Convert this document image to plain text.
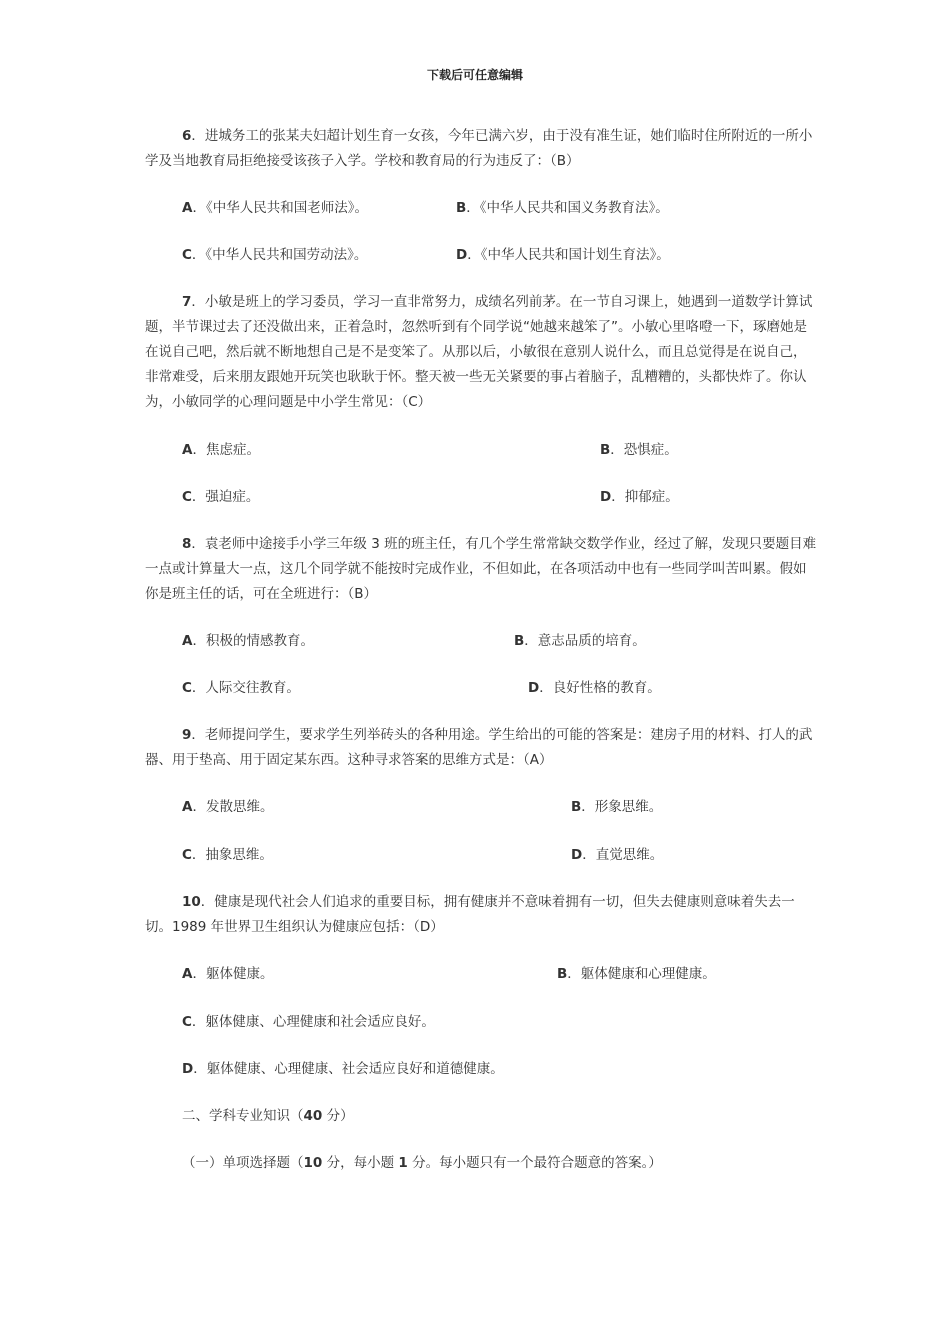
下载后可任意编辑
6．进城务工的张某夫妇超计划生育一女孩，今年已满六岁，由于没有准生证，她们临时住所附近的一所小学及当地教育局拒绝接受该孩子入学。学校和教育局的行为违反了：（B）
A．《中华人民共和国老师法》。	B．《中华人民共和国义务教育法》。
C．《中华人民共和国劳动法》。	D．《中华人民共和国计划生育法》。
7．小敏是班上的学习委员，学习一直非常努力，成绩名列前茅。在一节自习课上，她遇到一道数学计算试题，半节课过去了还没做出来，正着急时，忽然听到有个同学说“她越来越笨了”。小敏心里咯噔一下，琢磨她是在说自己吧，然后就不断地想自己是不是变笨了。从那以后，小敏很在意别人说什么，而且总觉得是在说自己，非常难受，后来朋友跟她开玩笑也耿耿于怀。整天被一些无关紧要的事占着脑子，乱糟糟的，头都快炸了。你认为，小敏同学的心理问题是中小学生常见：（C）
A．焦虑症。	B．恐惧症。
C．强迫症。	D．抑郁症。
8．袁老师中途接手小学三年级 3 班的班主任，有几个学生常常缺交数学作业，经过了解，发现只要题目难一点或计算量大一点，这几个同学就不能按时完成作业，不但如此，在各项活动中也有一些同学叫苦叫累。假如你是班主任的话，可在全班进行：（B）
A．积极的情感教育。	B．意志品质的培育。
C．人际交往教育。	D．良好性格的教育。
9．老师提问学生，要求学生列举砖头的各种用途。学生给出的可能的答案是：建房子用的材料、打人的武器、用于垫高、用于固定某东西。这种寻求答案的思维方式是：（A）
A．发散思维。	B．形象思维。
C．抽象思维。	D．直觉思维。
10．健康是现代社会人们追求的重要目标，拥有健康并不意味着拥有一切，但失去健康则意味着失去一切。1989 年世界卫生组织认为健康应包括：（D）
A．躯体健康。	B．躯体健康和心理健康。
C．躯体健康、心理健康和社会适应良好。
D．躯体健康、心理健康、社会适应良好和道德健康。
二、学科专业知识（40 分）
（一）单项选择题（10 分，每小题 1 分。每小题只有一个最符合题意的答案。）
